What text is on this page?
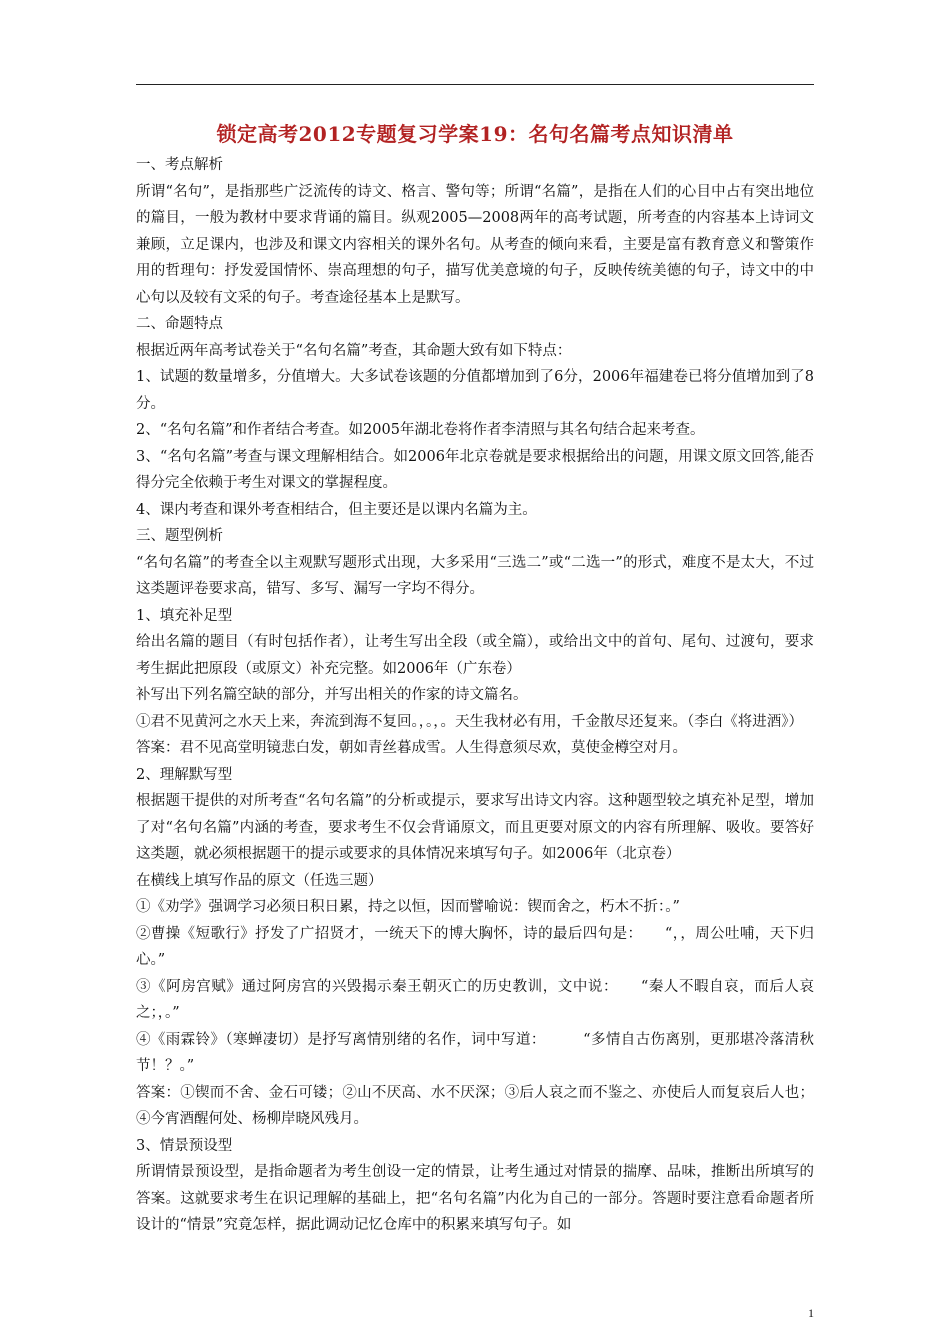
锁定高考2012专题复习学案19：名句名篇考点知识清单

一、考点解析

所谓“名句”，是指那些广泛流传的诗文、格言、警句等；所谓“名篇”，是指在人们的心目中占有突出地位的篇目，一般为教材中要求背诵的篇目。纵观2005—2008两年的高考试题，所考查的内容基本上诗词文兼顾，立足课内，也涉及和课文内容相关的课外名句。从考查的倾向来看，主要是富有教育意义和警策作用的哲理句：抒发爱国情怀、崇高理想的句子，描写优美意境的句子，反映传统美德的句子，诗文中的中心句以及较有文采的句子。考查途径基本上是默写。

二、命题特点

根据近两年高考试卷关于“名句名篇”考查，其命题大致有如下特点：

1、试题的数量增多，分值增大。大多试卷该题的分值都增加到了6分，2006年福建卷已将分值增加到了8分。

2、“名句名篇”和作者结合考查。如2005年湖北卷将作者李清照与其名句结合起来考查。

3、“名句名篇”考查与课文理解相结合。如2006年北京卷就是要求根据给出的问题，用课文原文回答,能否得分完全依赖于考生对课文的掌握程度。

4、课内考查和课外考查相结合，但主要还是以课内名篇为主。

三、题型例析

“名句名篇”的考查全以主观默写题形式出现，大多采用“三选二”或“二选一”的形式，难度不是太大，不过这类题评卷要求高，错写、多写、漏写一字均不得分。

1、填充补足型

给出名篇的题目（有时包括作者），让考生写出全段（或全篇），或给出文中的首句、尾句、过渡句，要求考生据此把原段（或原文）补充完整。如2006年（广东卷）

补写出下列名篇空缺的部分，并写出相关的作家的诗文篇名。

①君不见黄河之水天上来，奔流到海不复回。，。，。天生我材必有用，千金散尽还复来。（李白《将进酒》）

答案：君不见高堂明镜悲白发，朝如青丝暮成雪。人生得意须尽欢，莫使金樽空对月。

2、理解默写型

根据题干提供的对所考查“名句名篇”的分析或提示，要求写出诗文内容。这种题型较之填充补足型，增加了对“名句名篇”内涵的考查，要求考生不仅会背诵原文，而且更要对原文的内容有所理解、吸收。要答好这类题，就必须根据题干的提示或要求的具体情况来填写句子。如2006年（北京卷）

在横线上填写作品的原文（任选三题）

①《劝学》强调学习必须日积日累，持之以恒，因而譬喻说：锲而舍之，朽木不折：。”

②曹操《短歌行》抒发了广招贤才，一统天下的博大胸怀，诗的最后四句是：　　“，，周公吐哺，天下归心。”

③《阿房宫赋》通过阿房宫的兴毁揭示秦王朝灭亡的历史教训，文中说：　　“秦人不暇自哀，而后人哀之；，。”

④《雨霖铃》（寒蝉凄切）是抒写离情别绪的名作，词中写道：　　　“多情自古伤离别，更那堪冷落清秋节！？。”

答案：①锲而不舍、金石可镂；②山不厌高、水不厌深；③后人哀之而不鉴之、亦使后人而复哀后人也；④今宵酒醒何处、杨柳岸晓风残月。

3、情景预设型

所谓情景预设型，是指命题者为考生创设一定的情景，让考生通过对情景的揣摩、品味，推断出所填写的答案。这就要求考生在识记理解的基础上，把“名句名篇”内化为自己的一部分。答题时要注意看命题者所设计的“情景”究竟怎样，据此调动记忆仓库中的积累来填写句子。如

1
